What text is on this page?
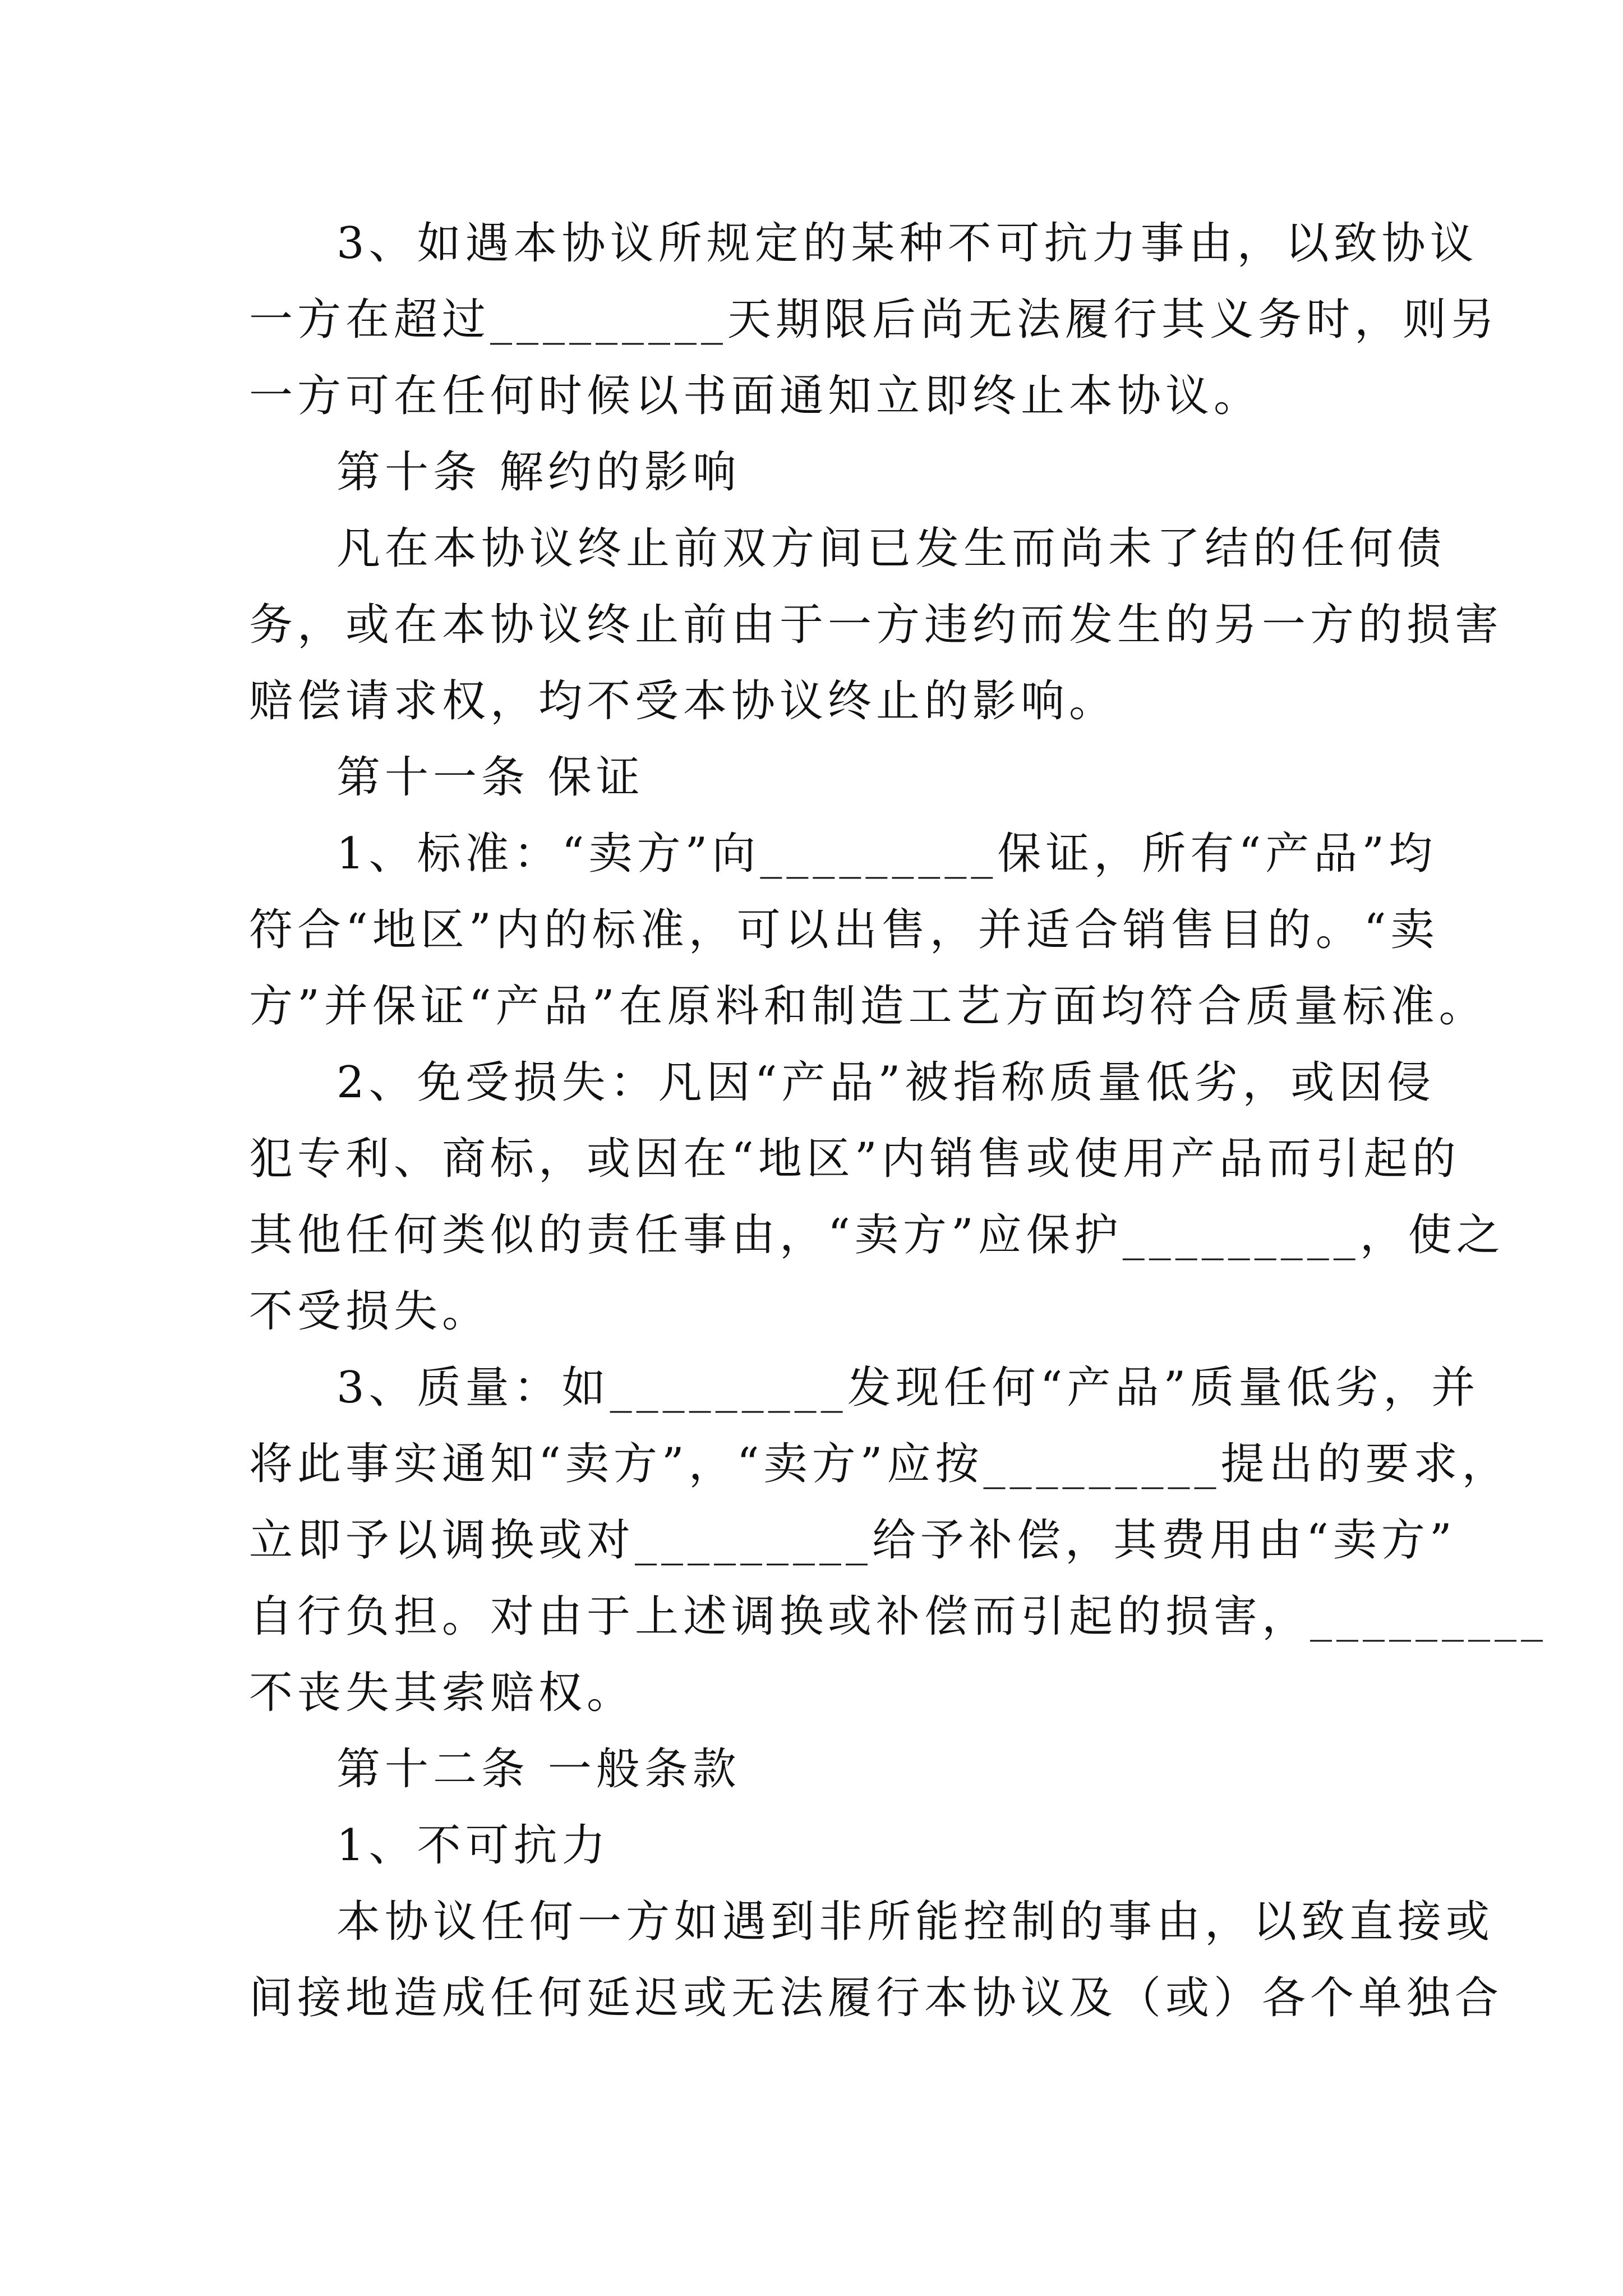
3、如遇本协议所规定的某种不可抗力事由，以致协议
一方在超过_________天期限后尚无法履行其义务时，则另
一方可在任何时候以书面通知立即终止本协议。
第十条 解约的影响
凡在本协议终止前双方间已发生而尚未了结的任何债
务，或在本协议终止前由于一方违约而发生的另一方的损害
赔偿请求权，均不受本协议终止的影响。
第十一条 保证
1、标准：“卖方”向_________保证，所有“产品”均
符合“地区”内的标准，可以出售，并适合销售目的。“卖
方”并保证“产品”在原料和制造工艺方面均符合质量标准。
2、免受损失：凡因“产品”被指称质量低劣，或因侵
犯专利、商标，或因在“地区”内销售或使用产品而引起的
其他任何类似的责任事由，“卖方”应保护_________，使之
不受损失。
3、质量：如_________发现任何“产品”质量低劣，并
将此事实通知“卖方”，“卖方”应按_________提出的要求，
立即予以调换或对_________给予补偿，其费用由“卖方”
自行负担。对由于上述调换或补偿而引起的损害，_________
不丧失其索赔权。
第十二条 一般条款
1、不可抗力
本协议任何一方如遇到非所能控制的事由，以致直接或
间接地造成任何延迟或无法履行本协议及（或）各个单独合
